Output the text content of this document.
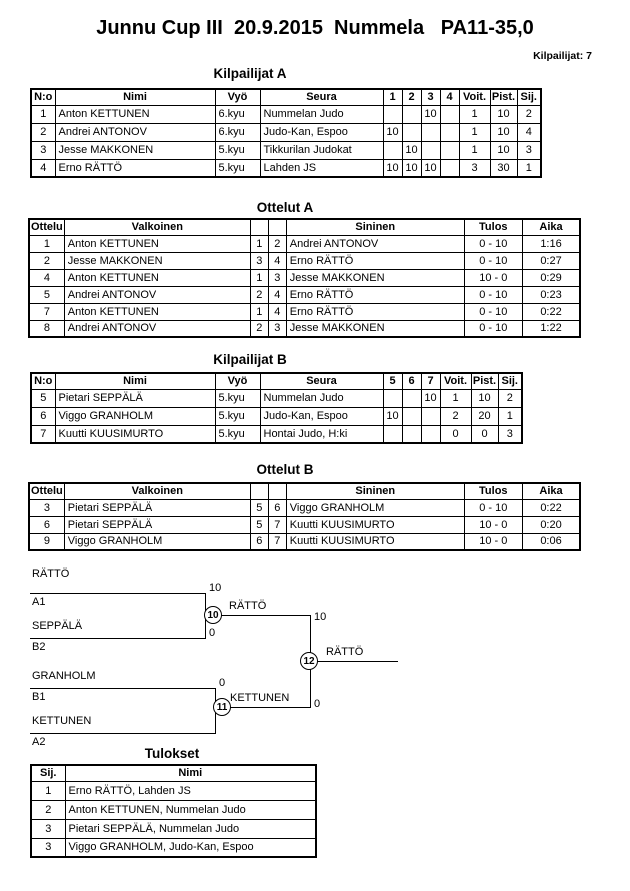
Junnu Cup III  20.9.2015  Nummela   PA11-35,0
Kilpailijat: 7
Kilpailijat A
N:o	Nimi	Vyö	Seura	1	2	3	4	Voit.	Pist.	Sij.
1	Anton KETTUNEN	6.kyu	Nummelan Judo			10		1	10	2
2	Andrei ANTONOV	6.kyu	Judo-Kan, Espoo	10				1	10	4
3	Jesse MAKKONEN	5.kyu	Tikkurilan Judokat		10			1	10	3
4	Erno RÄTTÖ	5.kyu	Lahden JS	10	10	10		3	30	1
Ottelut A
Ottelu	Valkoinen			Sininen	Tulos	Aika
1	Anton KETTUNEN	1	2	Andrei ANTONOV	0 - 10	1:16
2	Jesse MAKKONEN	3	4	Erno RÄTTÖ	0 - 10	0:27
4	Anton KETTUNEN	1	3	Jesse MAKKONEN	10 - 0	0:29
5	Andrei ANTONOV	2	4	Erno RÄTTÖ	0 - 10	0:23
7	Anton KETTUNEN	1	4	Erno RÄTTÖ	0 - 10	0:22
8	Andrei ANTONOV	2	3	Jesse MAKKONEN	0 - 10	1:22
Kilpailijat B
N:o	Nimi	Vyö	Seura	5	6	7	Voit.	Pist.	Sij.
5	Pietari SEPPÄLÄ	5.kyu	Nummelan Judo			10	1	10	2
6	Viggo GRANHOLM	5.kyu	Judo-Kan, Espoo	10			2	20	1
7	Kuutti KUUSIMURTO	5.kyu	Hontai Judo, H:ki				0	0	3
Ottelut B
Ottelu	Valkoinen			Sininen	Tulos	Aika
3	Pietari SEPPÄLÄ	5	6	Viggo GRANHOLM	0 - 10	0:22
6	Pietari SEPPÄLÄ	5	7	Kuutti KUUSIMURTO	10 - 0	0:20
9	Viggo GRANHOLM	6	7	Kuutti KUUSIMURTO	10 - 0	0:06
RÄTTÖ
A1
10
SEPPÄLÄ
B2
0
10
RÄTTÖ
10
12
RÄTTÖ
GRANHOLM
B1
0
KETTUNEN
A2
11
KETTUNEN 0
Tulokset
Sij.	Nimi
1	Erno RÄTTÖ, Lahden JS
2	Anton KETTUNEN, Nummelan Judo
3	Pietari SEPPÄLÄ, Nummelan Judo
3	Viggo GRANHOLM, Judo-Kan, Espoo
